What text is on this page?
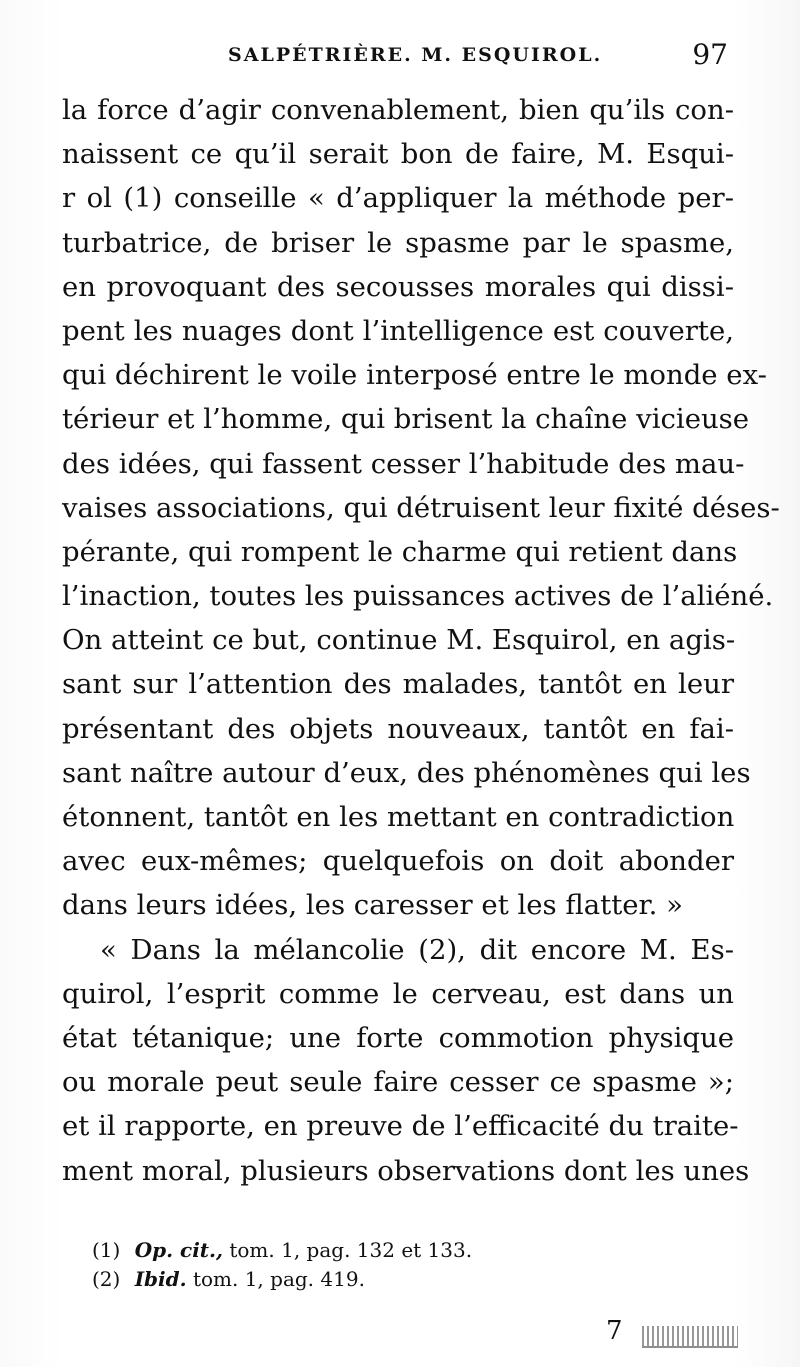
SALPÉTRIÈRE. M. ESQUIROL.	97
la force d’agir convenablement, bien qu’ils con-
naissent ce qu’il serait bon de faire, M. Esqui-
r ol (1) conseille « d’appliquer la méthode per-
turbatrice, de briser le spasme par le spasme,
en provoquant des secousses morales qui dissi-
pent les nuages dont l’intelligence est couverte,
qui déchirent le voile interposé entre le monde ex-
térieur et l’homme, qui brisent la chaîne vicieuse
des idées, qui fassent cesser l’habitude des mau-
vaises associations, qui détruisent leur fixité déses-
pérante, qui rompent le charme qui retient dans
l’inaction, toutes les puissances actives de l’aliéné.
On atteint ce but, continue M. Esquirol, en agis-
sant sur l’attention des malades, tantôt en leur
présentant des objets nouveaux, tantôt en fai-
sant naître autour d’eux, des phénomènes qui les
étonnent, tantôt en les mettant en contradiction
avec eux-mêmes; quelquefois on doit abonder
dans leurs idées, les caresser et les flatter. »
« Dans la mélancolie (2), dit encore M. Es-
quirol, l’esprit comme le cerveau, est dans un
état tétanique; une forte commotion physique
ou morale peut seule faire cesser ce spasme »;
et il rapporte, en preuve de l’efficacité du traite-
ment moral, plusieurs observations dont les unes
(1) Op. cit., tom. 1, pag. 132 et 133.
(2) Ibid. tom. 1, pag. 419.
7
